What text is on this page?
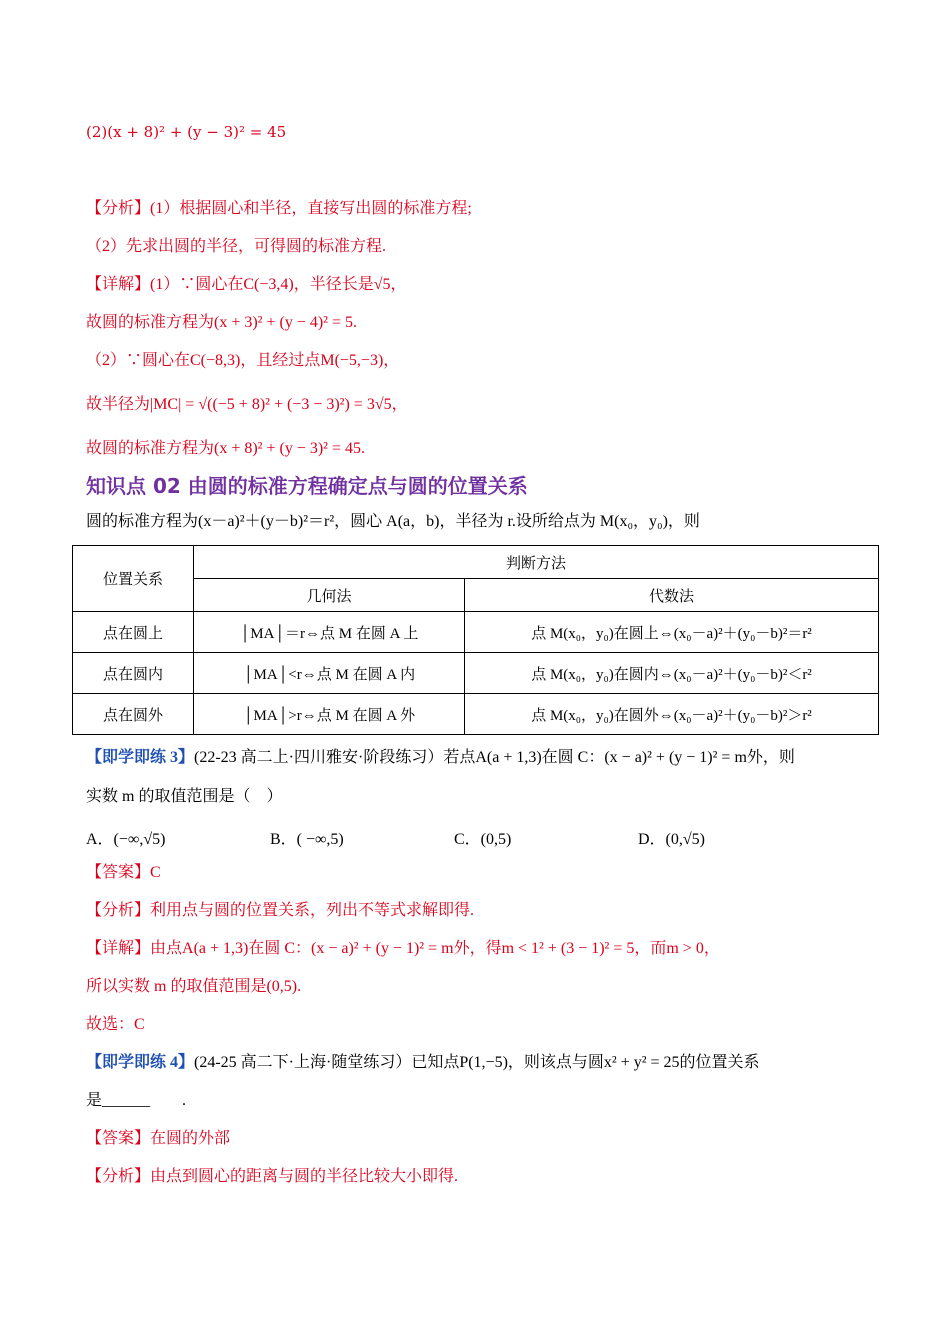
(2)(x + 8)² + (y − 3)² = 45
【分析】(1）根据圆心和半径，直接写出圆的标准方程;
（2）先求出圆的半径，可得圆的标准方程.
【详解】(1）∵圆心在C(−3,4)，半径长是√5，
故圆的标准方程为(x + 3)² + (y − 4)² = 5.
（2）∵圆心在C(−8,3)，且经过点M(−5,−3)，
故半径为|MC| = √((−5 + 8)² + (−3 − 3)²) = 3√5，
故圆的标准方程为(x + 8)² + (y − 3)² = 45.
知识点 02 由圆的标准方程确定点与圆的位置关系
圆的标准方程为(x－a)²＋(y－b)²＝r²，圆心 A(a，b)，半径为 r.设所给点为 M(x₀，y₀)，则
位置关系	判断方法	
	几何法	代数法
点在圆上	│MA│＝r⇔点 M 在圆 A 上	点 M(x₀，y₀)在圆上⇔(x₀－a)²＋(y₀－b)²＝r²
点在圆内	│MA│<r⇔点 M 在圆 A 内	点 M(x₀，y₀)在圆内⇔(x₀－a)²＋(y₀－b)²＜r²
点在圆外	│MA│>r⇔点 M 在圆 A 外	点 M(x₀，y₀)在圆外⇔(x₀－a)²＋(y₀－b)²＞r²
【即学即练 3】(22-23 高二上·四川雅安·阶段练习）若点A(a + 1,3)在圆 C：(x − a)² + (y − 1)² = m外，则
实数 m 的取值范围是（　）
A．(−∞,√5)	B．( −∞,5)	C．(0,5)	D．(0,√5)
【答案】C
【分析】利用点与圆的位置关系，列出不等式求解即得.
【详解】由点A(a + 1,3)在圆 C：(x − a)² + (y − 1)² = m外，得m < 1² + (3 − 1)² = 5，而m > 0，
所以实数 m 的取值范围是(0,5).
故选：C
【即学即练 4】(24-25 高二下·上海·随堂练习）已知点P(1,−5)，则该点与圆x² + y² = 25的位置关系
是______　　.
【答案】在圆的外部
【分析】由点到圆心的距离与圆的半径比较大小即得.
